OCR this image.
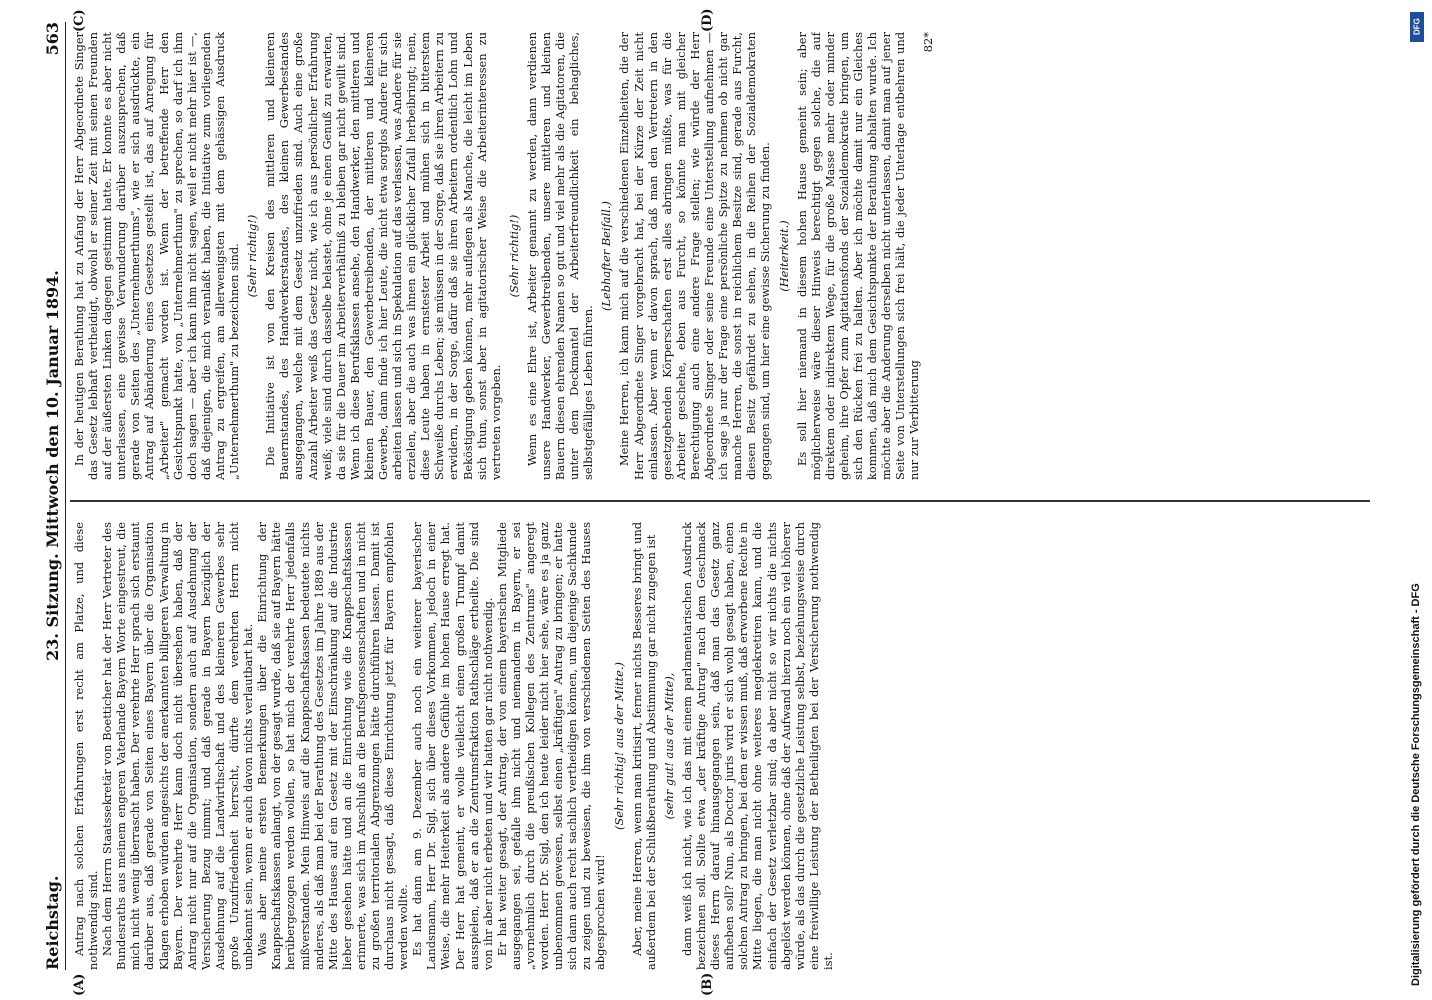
Reichstag.
23. Sitzung. Mittwoch den 10. Januar 1894.
563
(A)	(B)
(C)	(D)

Antrag nach solchen Erfahrungen erst recht am Platze, und diese nothwendig sind. Nach dem Herrn Staatssekretär von Boetticher hat der Herr Vertreter des Bundesraths aus meinem engeren Vaterlande Bayern Worte eingestreut, die mich nicht wenig überrascht haben. Der verehrte Herr sprach sich erstaunt darüber aus, daß gerade von Seiten eines Bayern über die Organisation Klagen erhoben würden angesichts der anerkannten billigeren Verwaltung in Bayern. Der verehrte Herr kann doch nicht übersehen haben, daß der Antrag nicht nur auf die Organisation, sondern auch auf Ausdehnung der Versicherung Bezug nimmt; und daß gerade in Bayern bezüglich der Ausdehnung auf die Landwirthschaft und des kleineren Gewerbes sehr große Unzufriedenheit herrscht, dürfte dem verehrten Herrn nicht unbekannt sein, wenn er auch davon nichts verlautbart hat. Was aber meine ersten Bemerkungen über die Einrichtung der Knappschaftskassen anlangt, von der gesagt wurde, daß sie auf Bayern hätte herübergezogen werden wollen, so hat mich der verehrte Herr jedenfalls mißverstanden. Mein Hinweis auf die Knappschaftskassen bedeutete nichts anderes, als daß man bei der Berathung des Gesetzes im Jahre 1889 aus der Mitte des Hauses auf ein Gesetz mit der Einschränkung auf die Industrie lieber gesehen hätte und an die Einrichtung wie die Knappschaftskassen erinnerte, was sich im Anschluß an die Berufsgenossenschaften und in nicht zu großen territorialen Abgrenzungen hätte durchführen lassen. Damit ist durchaus nicht gesagt, daß diese Einrichtung jetzt für Bayern empfohlen werden wollte. Es hat dann am 9. Dezember auch noch ein weiterer bayerischer Landsmann, Herr Dr. Sigl, sich über dieses Vorkommen, jedoch in einer Weise, die mehr Heiterkeit als andere Gefühle im hohen Hause erregt hat. Der Herr hat gemeint, er wolle vielleicht einen großen Trumpf damit ausspielen, daß er an die Zentrumsfraktion Rathschläge ertheilte. Die sind von ihr aber nicht erbeten und wir hatten gar nicht nothwendig. Er hat weiter gesagt, der Antrag, der von einem bayerischen Mitgliede ausgegangen sei, gefalle ihm nicht und niemandem in Bayern, er sei „vornehmlich durch die preußischen Kollegen des Zentrums" angeregt worden. Herr Dr. Sigl, den ich heute leider nicht hier sehe, wäre es ja ganz unbenommen gewesen, selbst einen „kräftigen" Antrag zu bringen; er hatte sich dann auch recht sachlich vertheidigen können, um diejenige Sachkunde zu zeigen und zu beweisen, die ihm von verschiedenen Seiten des Hauses abgesprochen wird!

(Sehr richtig! aus der Mitte.) Aber, meine Herren, wenn man kritisirt, ferner nichts Besseres bringt und außerdem bei der Schlußberathung und Abstimmung gar nicht zugegen ist (sehr gut! aus der Mitte), dann weiß ich nicht, wie ich das mit einem parlamentarischen Ausdruck bezeichnen soll. Sollte etwa „der kräftige Antrag" nach dem Geschmack dieses Herrn darauf hinausgegangen sein, daß man das Gesetz ganz aufheben soll? Nun, als Doctor juris wird er sich wohl gesagt haben, einen solchen Antrag zu bringen, bei dem er wissen muß, daß erworbene Rechte in Mitte liegen, die man nicht ohne weiteres megdekretiren kann, und die einfach der Gesetz verletzbar sind; da aber nicht so wir nichts die nichts abgelöst werden können, ohne daß der Aufwand hierzu noch ein viel höherer würde, als das durch die gesetzliche Leistung selbst, beziehungsweise durch eine freiwillige Leistung der Betheiligten bei der Versicherung nothwendig ist.

In der heutigen Berathung hat zu Anfang der Herr Abgeordnete Singer das Gesetz lebhaft vertheidigt, obwohl er seiner Zeit mit seinen Freunden auf der äußersten Linken dagegen gestimmt hatte. Er konnte es aber nicht unterlassen, eine gewisse Verwunderung darüber auszusprechen, daß gerade von Seiten des „Unternehmerthums", wie er sich ausdrückte, ein Antrag auf Abänderung eines Gesetzes gestellt ist, das auf Anregung für „Arbeiter" gemacht worden ist. Wenn der betreffende Herr den Gesichtspunkt hatte, von „Unternehmerthum" zu sprechen, so darf ich ihm doch sagen — aber ich kann ihm nicht sagen, weil er nicht mehr hier ist —, daß diejenigen, die mich veranlaßt haben, die Initiative zum vorliegenden Antrag zu ergreifen, am allerwenigsten mit dem gehässigen Ausdruck „Unternehmerthum" zu bezeichnen sind. (Sehr richtig!) Die Initiative ist von den Kreisen des mittleren und kleineren Bauernstandes, des Handwerkerstandes, des kleinen Gewerbestandes ausgegangen, welche mit dem Gesetz unzufrieden sind. Auch eine große Anzahl Arbeiter weiß das Gesetz nicht, wie ich aus persönlicher Erfahrung weiß; viele sind durch dasselbe belastet, ohne je einen Genuß zu erwarten, da sie für die Dauer im Arbeiterverhältniß zu bleiben gar nicht gewillt sind. Wenn ich diese Berufsklassen ansehe, den Handwerker, den mittleren und kleinen Bauer, den Gewerbetreibenden, der mittleren und kleineren Gewerbe, dann finde ich hier Leute, die nicht etwa sorglos Andere für sich arbeiten lassen und sich in Spekulation auf das verlassen, was Andere für sie erzielen, aber die auch was ihnen ein glücklicher Zufall herbeibringt; nein, diese Leute haben in ernstester Arbeit und mühen sich in bitterstem Schweiße durchs Leben; sie müssen in der Sorge, daß sie ihren Arbeitern zu erwidern, in der Sorge, dafür daß sie ihren Arbeitern ordentlich Lohn und Beköstigung geben können, mehr auflegen als Manche, die leicht im Leben sich thun, sonst aber in agitatorischer Weise die Arbeiterinteressen zu vertreten vorgeben.

(Sehr richtig!) Wenn es eine Ehre ist, Arbeiter genannt zu werden, dann verdienen unsere Handwerker, Gewerbtreibenden, unsere mittleren und kleinen Bauern diesen ehrenden Namen so gut und viel mehr als die Agitatoren, die unter dem Deckmantel der Arbeiterfreundlichkeit ein behagliches, selbstgefälliges Leben führen.

(Lebhafter Beifall.) Meine Herren, ich kann mich auf die verschiedenen Einzelheiten, die der Herr Abgeordnete Singer vorgebracht hat, bei der Kürze der Zeit nicht einlassen. Aber wenn er davon sprach, daß man den Vertretern in den gesetzgebenden Körperschaften erst alles abringen müßte, was für die Arbeiter geschehe, eben aus Furcht, so könnte man mit gleicher Berechtigung auch eine andere Frage stellen; wie würde der Herr Abgeordnete Singer oder seine Freunde eine Unterstellung aufnehmen — ich sage ja nur der Frage eine persönliche Spitze zu nehmen ob nicht gar manche Herren, die sonst in reichlichem Besitze sind, gerade aus Furcht, diesen Besitz gefährdet zu sehen, in die Reihen der Sozialdemokraten gegangen sind, um hier eine gewisse Sicherung zu finden. (Heiterkeit.) Es soll hier niemand in diesem hohen Hause gemeint sein; aber möglicherweise wäre dieser Hinweis berechtigt gegen solche, die auf direktem oder indirektem Wege, für die große Masse mehr oder minder geheim, ihre Opfer zum Agitationsfonds der Sozialdemokratie bringen, um sich den Rücken frei zu halten. Aber ich möchte damit nur ein Gleiches kommen, daß mich dem Gesichtspunkte der Berathung abhalten wurde. Ich möchte aber die Anderung derselben nicht unterlassen, damit man auf jener Seite von Unterstellungen sich frei hält, die jeder Unterlage entbehren und nur zur Verbitterung

82*

DFG
Digitalisierung gefördert durch die Deutsche Forschungsgemeinschaft - DFG
